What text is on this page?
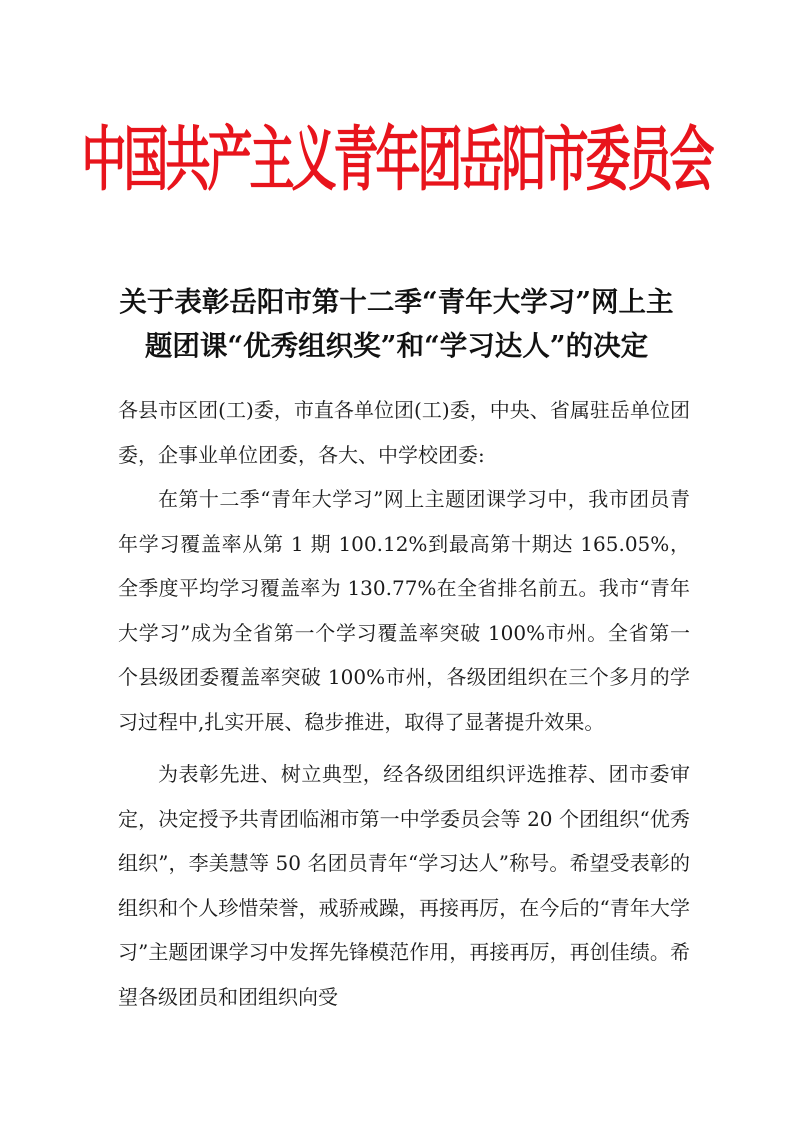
中国共产主义青年团岳阳市委员会
关于表彰岳阳市第十二季“青年大学习”网上主
题团课“优秀组织奖”和“学习达人”的决定

各县市区团(工)委，市直各单位团(工)委，中央、省属驻岳单位团委，企事业单位团委，各大、中学校团委:

在第十二季“青年大学习”网上主题团课学习中，我市团员青年学习覆盖率从第 1 期 100.12%到最高第十期达 165.05%，全季度平均学习覆盖率为 130.77%在全省排名前五。我市“青年大学习”成为全省第一个学习覆盖率突破 100%市州。全省第一个县级团委覆盖率突破 100%市州，各级团组织在三个多月的学习过程中,扎实开展、稳步推进，取得了显著提升效果。

为表彰先进、树立典型，经各级团组织评选推荐、团市委审定，决定授予共青团临湘市第一中学委员会等 20 个团组织“优秀组织”，李美慧等 50 名团员青年“学习达人”称号。希望受表彰的组织和个人珍惜荣誉，戒骄戒躁，再接再厉，在今后的“青年大学习”主题团课学习中发挥先锋模范作用，再接再厉，再创佳绩。希望各级团员和团组织向受
